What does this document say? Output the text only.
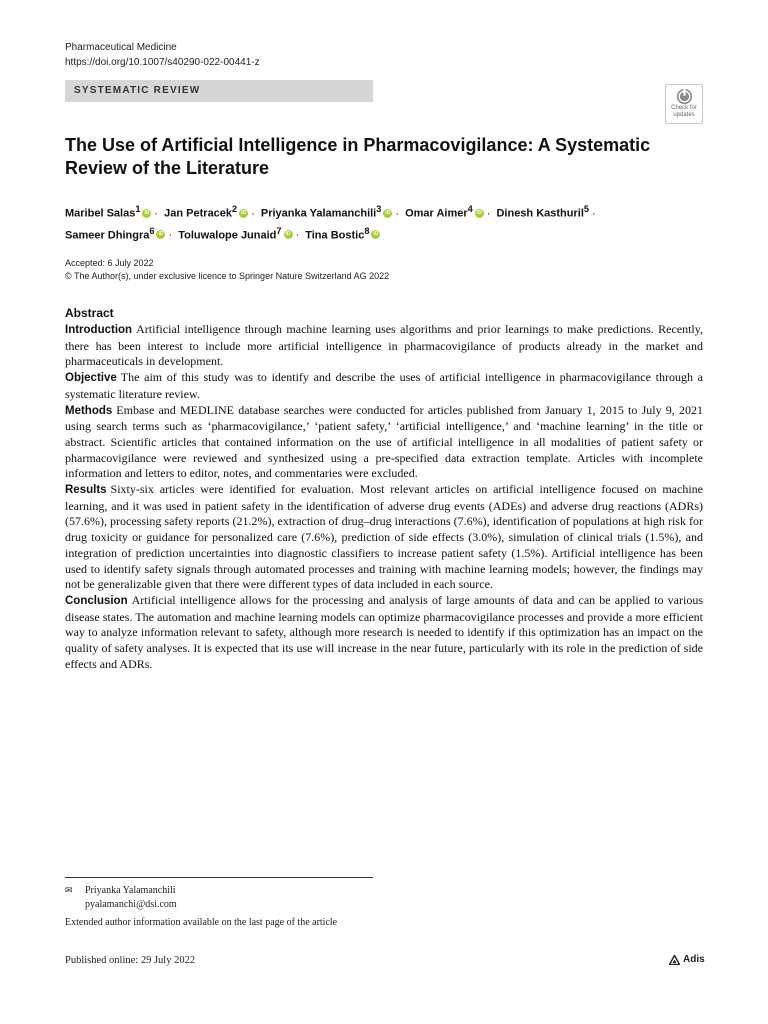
Pharmaceutical Medicine
https://doi.org/10.1007/s40290-022-00441-z
SYSTEMATIC REVIEW
Check for
updates
The Use of Artificial Intelligence in Pharmacovigilance: A Systematic Review of the Literature
Maribel Salas$^1$ iD · Jan Petracek$^2$ iD · Priyanka Yalamanchili$^3$ iD · Omar Aimer$^4$ iD · Dinesh Kasthuril$^5$ · Sameer Dhingra$^6$ iD · Toluwalope Junaid$^7$ iD · Tina Bostic$^8$iD
Accepted: 6 July 2022
© The Author(s), under exclusive licence to Springer Nature Switzerland AG 2022
Abstract

Introduction Artificial intelligence through machine learning uses algorithms and prior learnings to make predictions. Recently, there has been interest to include more artificial intelligence in pharmacovigilance of products already in the market and pharmaceuticals in development.

Objective The aim of this study was to identify and describe the uses of artificial intelligence in pharmacovigilance through a systematic literature review.

Methods Embase and MEDLINE database searches were conducted for articles published from January 1, 2015 to July 9, 2021 using search terms such as ‘pharmacovigilance,’ ‘patient safety,’ ‘artificial intelligence,’ and ‘machine learning’ in the title or abstract. Scientific articles that contained information on the use of artificial intelligence in all modalities of patient safety or pharmacovigilance were reviewed and synthesized using a pre-specified data extraction template. Articles with incomplete information and letters to editor, notes, and commentaries were excluded.

Results Sixty-six articles were identified for evaluation. Most relevant articles on artificial intelligence focused on machine learning, and it was used in patient safety in the identification of adverse drug events (ADEs) and adverse drug reactions (ADRs) (57.6%), processing safety reports (21.2%), extraction of drug–drug interactions (7.6%), identification of populations at high risk for drug toxicity or guidance for personalized care (7.6%), prediction of side effects (3.0%), simulation of clinical trials (1.5%), and integration of prediction uncertainties into diagnostic classifiers to increase patient safety (1.5%). Artificial intelligence has been used to identify safety signals through automated processes and training with machine learning models; however, the findings may not be generalizable given that there were different types of data included in each source.

Conclusion Artificial intelligence allows for the processing and analysis of large amounts of data and can be applied to various disease states. The automation and machine learning models can optimize pharmacovigilance processes and provide a more efficient way to analyze information relevant to safety, although more research is needed to identify if this optimization has an impact on the quality of safety analyses. It is expected that its use will increase in the near future, particularly with its role in the prediction of side effects and ADRs.

✉ Priyanka Yalamanchili
pyalamanchi@dsi.com
Extended author information available on the last page of the article
Published online: 29 July 2022	Adis
